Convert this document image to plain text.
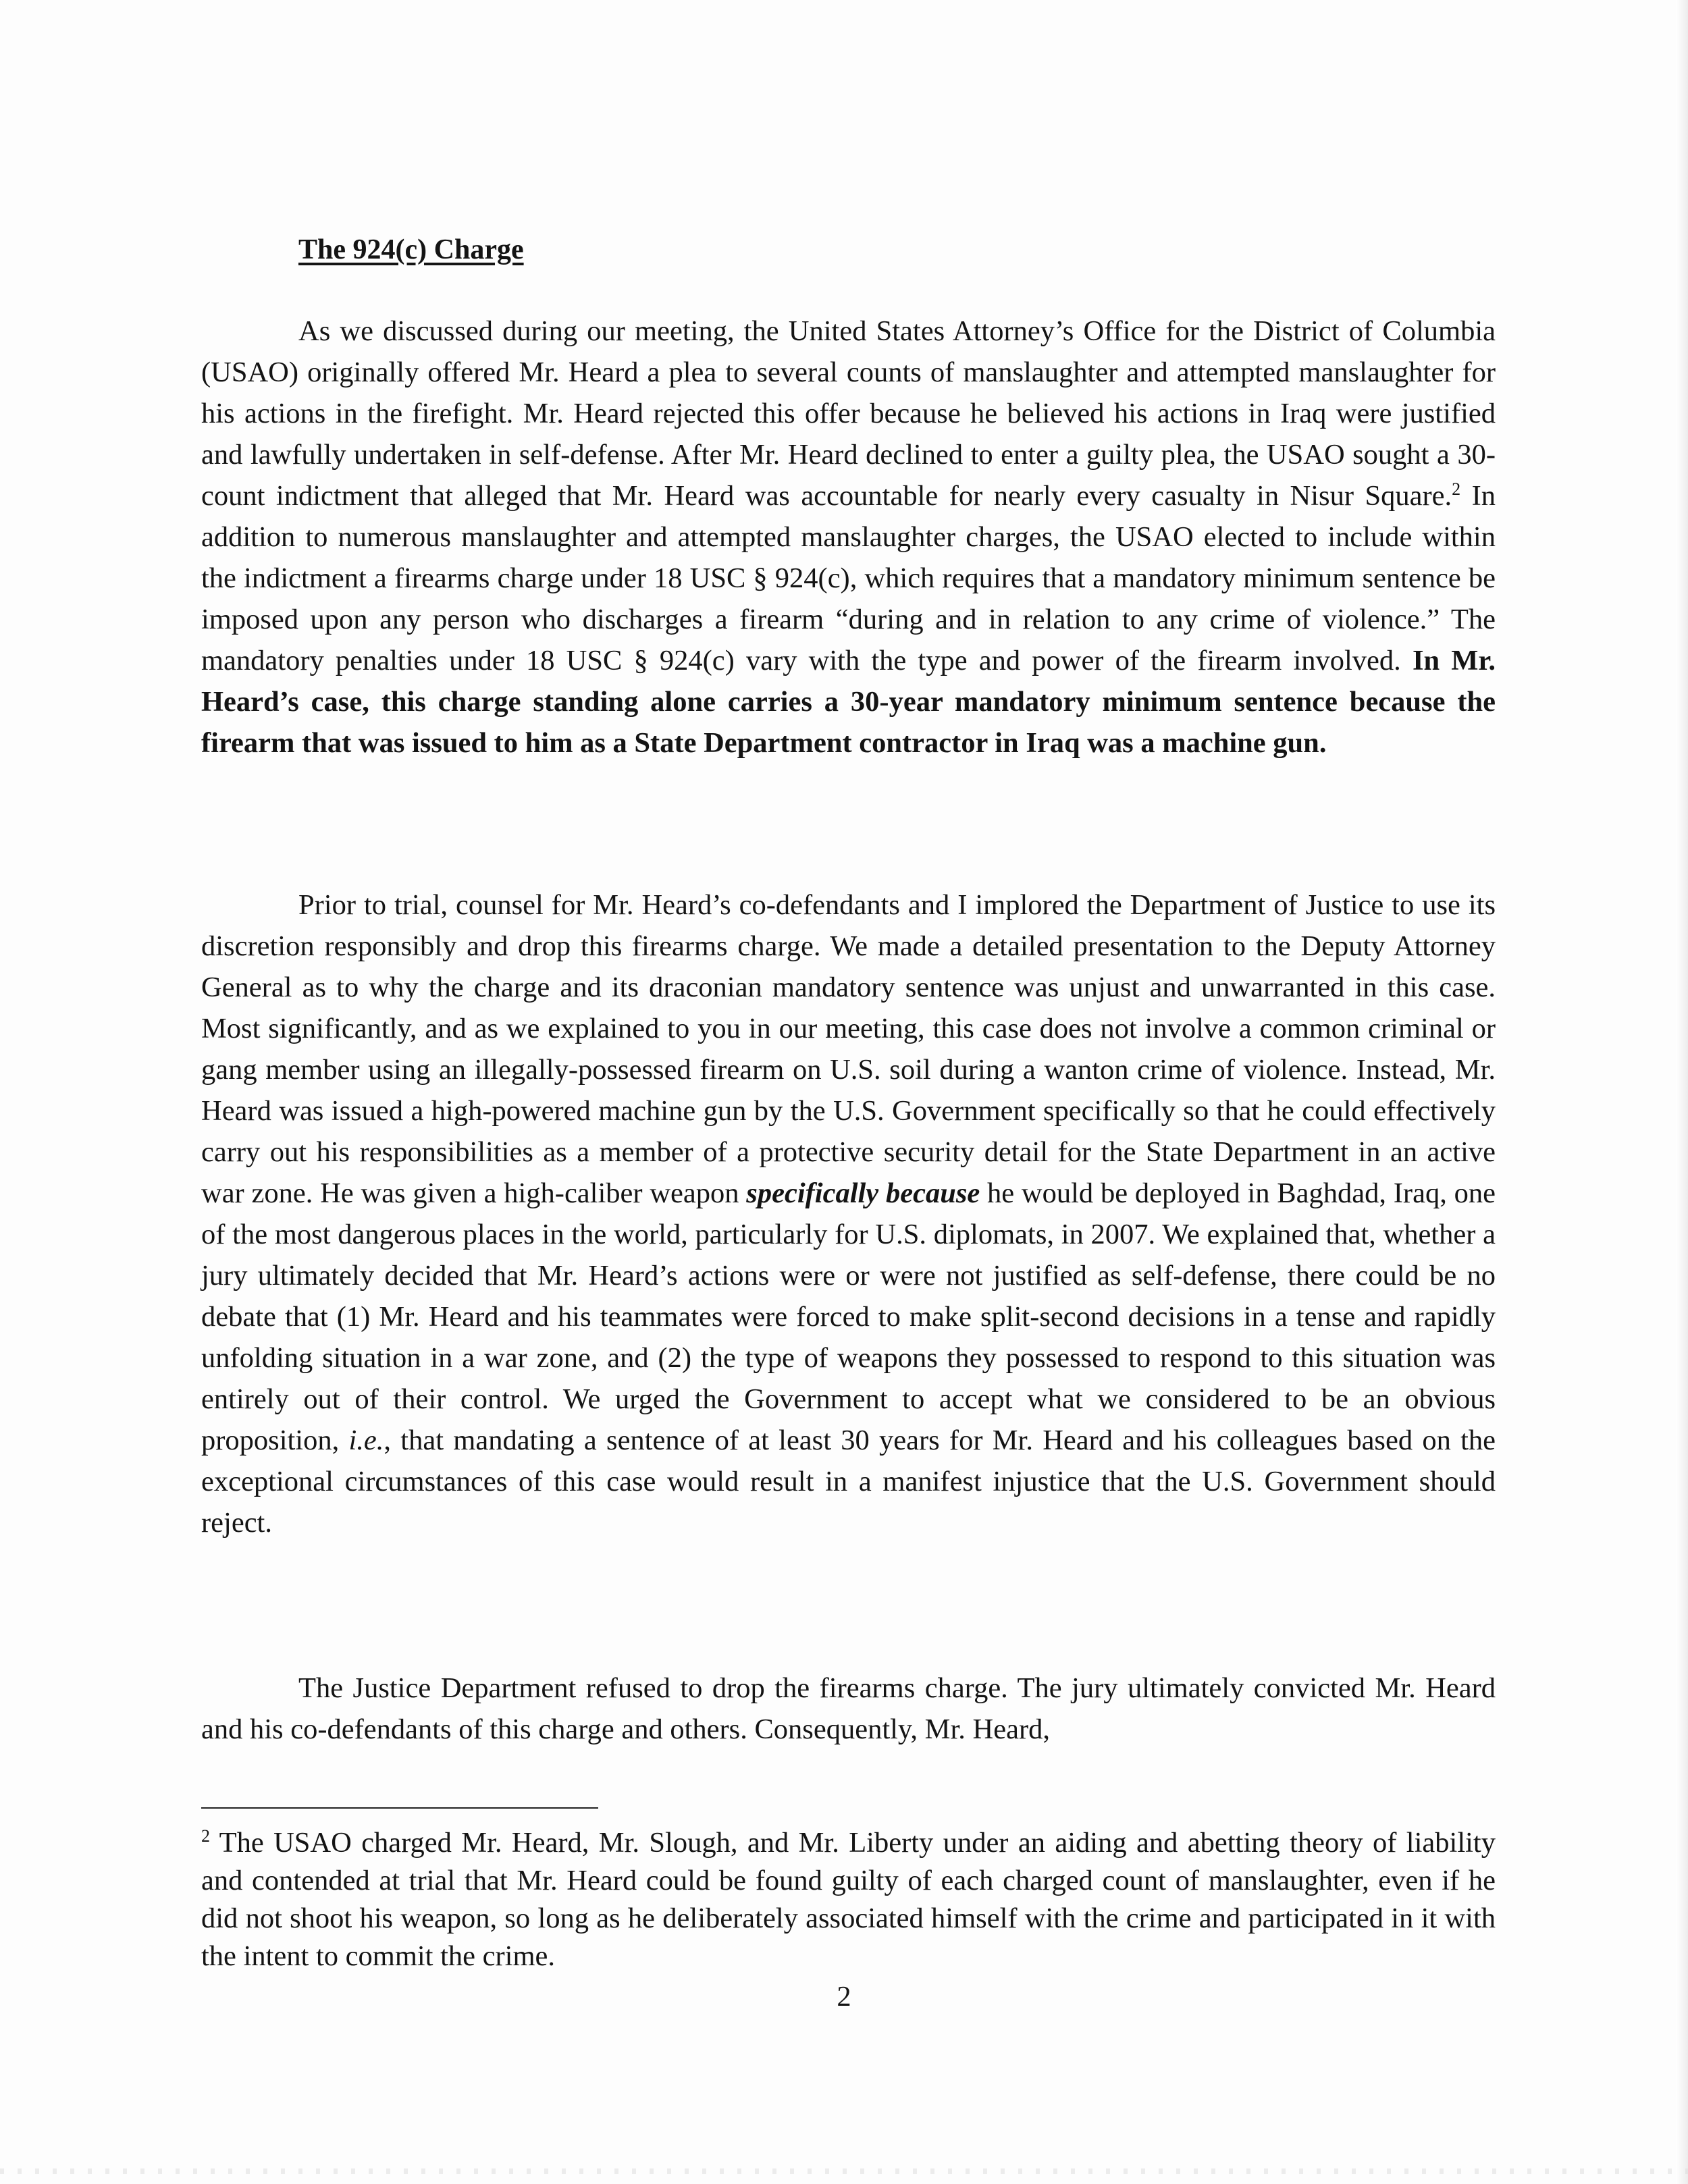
The 924(c) Charge

As we discussed during our meeting, the United States Attorney’s Office for the District of Columbia (USAO) originally offered Mr. Heard a plea to several counts of manslaughter and attempted manslaughter for his actions in the firefight. Mr. Heard rejected this offer because he believed his actions in Iraq were justified and lawfully undertaken in self-defense. After Mr. Heard declined to enter a guilty plea, the USAO sought a 30-count indictment that alleged that Mr. Heard was accountable for nearly every casualty in Nisur Square.$^2$ In addition to numerous manslaughter and attempted manslaughter charges, the USAO elected to include within the indictment a firearms charge under 18 USC § 924(c), which requires that a mandatory minimum sentence be imposed upon any person who discharges a firearm “during and in relation to any crime of violence.” The mandatory penalties under 18 USC § 924(c) vary with the type and power of the firearm involved. In Mr. Heard’s case, this charge standing alone carries a 30-year mandatory minimum sentence because the firearm that was issued to him as a State Department contractor in Iraq was a machine gun.

Prior to trial, counsel for Mr. Heard’s co-defendants and I implored the Department of Justice to use its discretion responsibly and drop this firearms charge. We made a detailed presentation to the Deputy Attorney General as to why the charge and its draconian mandatory sentence was unjust and unwarranted in this case. Most significantly, and as we explained to you in our meeting, this case does not involve a common criminal or gang member using an illegally-possessed firearm on U.S. soil during a wanton crime of violence. Instead, Mr. Heard was issued a high-powered machine gun by the U.S. Government specifically so that he could effectively carry out his responsibilities as a member of a protective security detail for the State Department in an active war zone. He was given a high-caliber weapon specifically because he would be deployed in Baghdad, Iraq, one of the most dangerous places in the world, particularly for U.S. diplomats, in 2007. We explained that, whether a jury ultimately decided that Mr. Heard’s actions were or were not justified as self-defense, there could be no debate that (1) Mr. Heard and his teammates were forced to make split-second decisions in a tense and rapidly unfolding situation in a war zone, and (2) the type of weapons they possessed to respond to this situation was entirely out of their control. We urged the Government to accept what we considered to be an obvious proposition, i.e., that mandating a sentence of at least 30 years for Mr. Heard and his colleagues based on the exceptional circumstances of this case would result in a manifest injustice that the U.S. Government should reject.

The Justice Department refused to drop the firearms charge. The jury ultimately convicted Mr. Heard and his co-defendants of this charge and others. Consequently, Mr. Heard,

$^2$ The USAO charged Mr. Heard, Mr. Slough, and Mr. Liberty under an aiding and abetting theory of liability and contended at trial that Mr. Heard could be found guilty of each charged count of manslaughter, even if he did not shoot his weapon, so long as he deliberately associated himself with the crime and participated in it with the intent to commit the crime.

2
